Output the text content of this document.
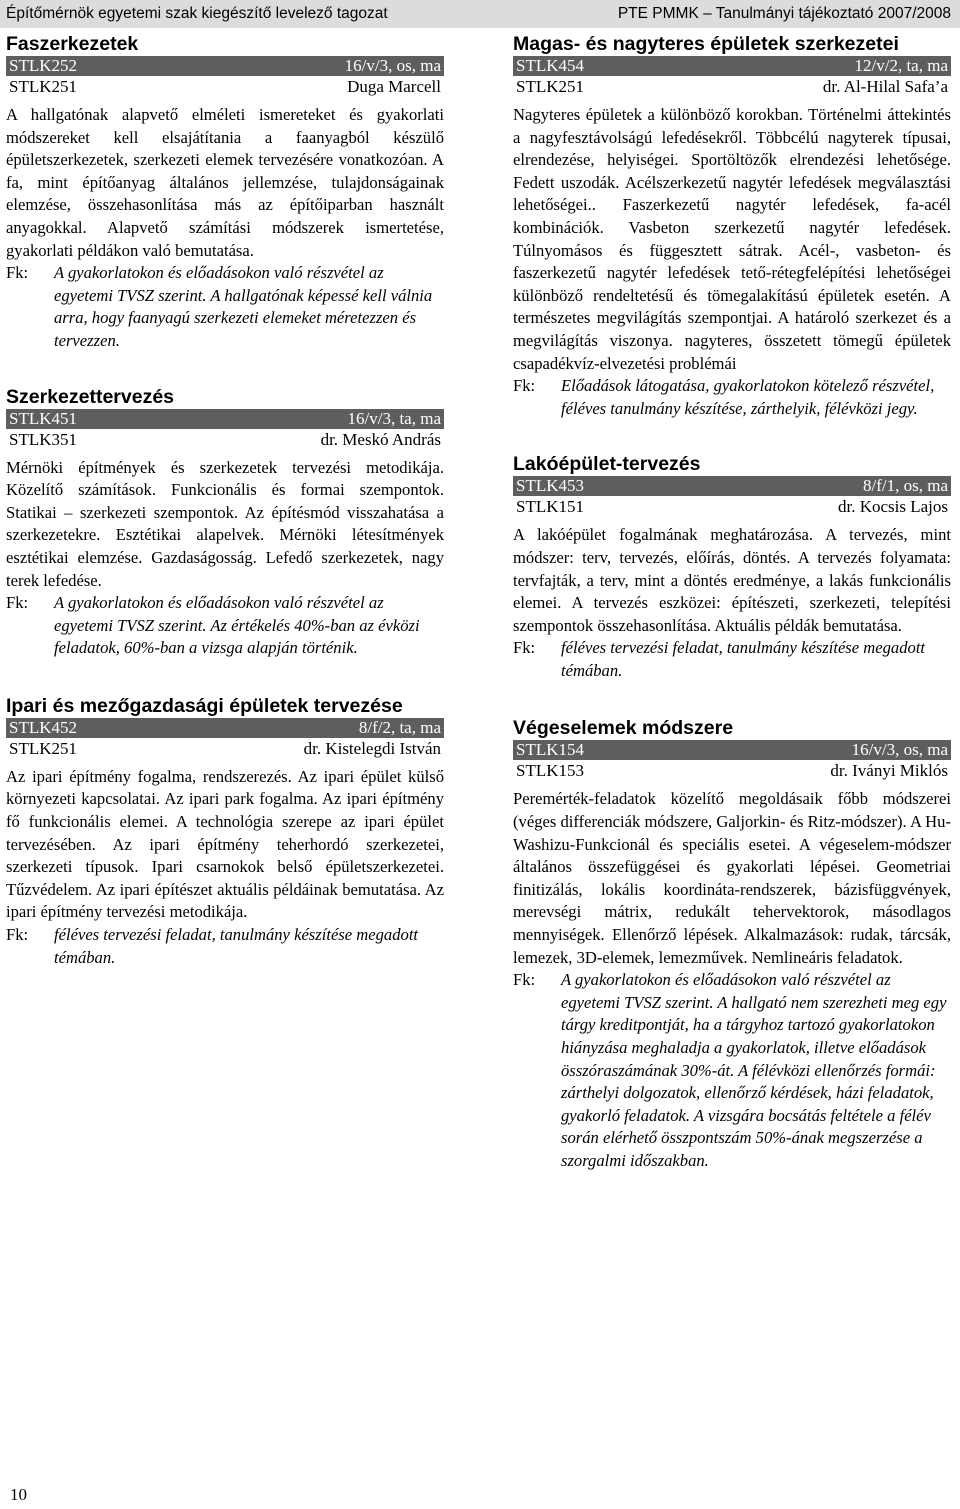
Építőmérnök egyetemi szak kiegészítő levelező tagozat	PTE PMMK – Tanulmányi tájékoztató 2007/2008
Faszerkezetek
STLK252	16/v/3, os, ma
STLK251	Duga Marcell

A hallgatónak alapvető elméleti ismereteket és gyakorlati módszereket kell elsajátítania a faanyagból készülő épületszerkezetek, szerkezeti elemek tervezésére vonatkozóan. A fa, mint építőanyag általános jellemzése, tulajdonságainak elemzése, összehasonlítása más az építőiparban használt anyagokkal. Alapvető számítási módszerek ismertetése, gyakorlati példákon való bemutatása.

Fk:	A gyakorlatokon és előadásokon való részvétel az egyetemi TVSZ szerint. A hallgatónak képessé kell válnia arra, hogy faanyagú szerkezeti elemeket méretezzen és tervezzen.
Szerkezettervezés
STLK451	16/v/3, ta, ma
STLK351	dr. Meskó András

Mérnöki építmények és szerkezetek tervezési metodikája. Közelítő számítások. Funkcionális és formai szempontok. Statikai – szerkezeti szempontok. Az építésmód visszahatása a szerkezetekre. Esztétikai alapelvek. Mérnöki létesítmények esztétikai elemzése. Gazdaságosság. Lefedő szerkezetek, nagy terek lefedése.

Fk:	A gyakorlatokon és előadásokon való részvétel az egyetemi TVSZ szerint. Az értékelés 40%-ban az évközi feladatok, 60%-ban a vizsga alapján történik.
Ipari és mezőgazdasági épületek tervezése
STLK452	8/f/2, ta, ma
STLK251	dr. Kistelegdi István

Az ipari építmény fogalma, rendszerezés. Az ipari épület külső környezeti kapcsolatai. Az ipari park fogalma. Az ipari építmény fő funkcionális elemei. A technológia szerepe az ipari épület tervezésében. Az ipari építmény teherhordó szerkezetei, szerkezeti típusok. Ipari csarnokok belső épületszerkezetei. Tűzvédelem. Az ipari építészet aktuális példáinak bemutatása. Az ipari építmény tervezési metodikája.

Fk:	féléves tervezési feladat, tanulmány készítése megadott témában.
Magas- és nagyteres épületek szerkezetei
STLK454	12/v/2, ta, ma
STLK251	dr. Al-Hilal Safa’a

Nagyteres épületek a különböző korokban. Történelmi áttekintés a nagyfesztávolságú lefedésekről. Többcélú nagyterek típusai, elrendezése, helyiségei. Sportöltözők elrendezési lehetősége. Fedett uszodák. Acélszerkezetű nagytér lefedések megválasztási lehetőségei.. Faszerkezetű nagytér lefedések, fa-acél kombinációk. Vasbeton szerkezetű nagytér lefedések. Túlnyomásos és függesztett sátrak. Acél-, vasbeton- és faszerkezetű nagytér lefedések tető-rétegfelépítési lehetőségei különböző rendeltetésű és tömegalakítású épületek esetén. A természetes megvilágítás szempontjai. A határoló szerkezet és a megvilágítás viszonya. nagyteres, összetett tömegű épületek csapadékvíz-elvezetési problémái

Fk:	Előadások látogatása, gyakorlatokon kötelező részvétel, féléves tanulmány készítése, zárthelyik, félévközi jegy.
Lakóépület-tervezés
STLK453	8/f/1, os, ma
STLK151	dr. Kocsis Lajos

A lakóépület fogalmának meghatározása. A tervezés, mint módszer: terv, tervezés, előírás, döntés. A tervezés folyamata: tervfajták, a terv, mint a döntés eredménye, a lakás funkcionális elemei. A tervezés eszközei: építészeti, szerkezeti, telepítési szempontok összehasonlítása. Aktuális példák bemutatása.

Fk:	féléves tervezési feladat, tanulmány készítése megadott témában.
Végeselemek módszere
STLK154	16/v/3, os, ma
STLK153	dr. Iványi Miklós

Peremérték-feladatok közelítő megoldásaik főbb módszerei (véges differenciák módszere, Galjorkin- és Ritz-módszer). A Hu-Washizu-Funkcionál és speciális esetei. A végeselem-módszer általános összefüggései és gyakorlati lépései. Geometriai finitizálás, lokális koordináta-rendszerek, bázisfüggvények, merevségi mátrix, redukált tehervektorok, másodlagos mennyiségek. Ellenőrző lépések. Alkalmazások: rudak, tárcsák, lemezek, 3D-elemek, lemezművek. Nemlineáris feladatok.

Fk:	A gyakorlatokon és előadásokon való részvétel az egyetemi TVSZ szerint. A hallgató nem szerezheti meg egy tárgy kreditpontját, ha a tárgyhoz tartozó gyakorlatokon hiányzása meghaladja a gyakorlatok, illetve előadások összóraszámának 30%-át. A félévközi ellenőrzés formái: zárthelyi dolgozatok, ellenőrző kérdések, házi feladatok, gyakorló feladatok. A vizsgára bocsátás feltétele a félév során elérhető összpontszám 50%-ának megszerzése a szorgalmi időszakban.
10
